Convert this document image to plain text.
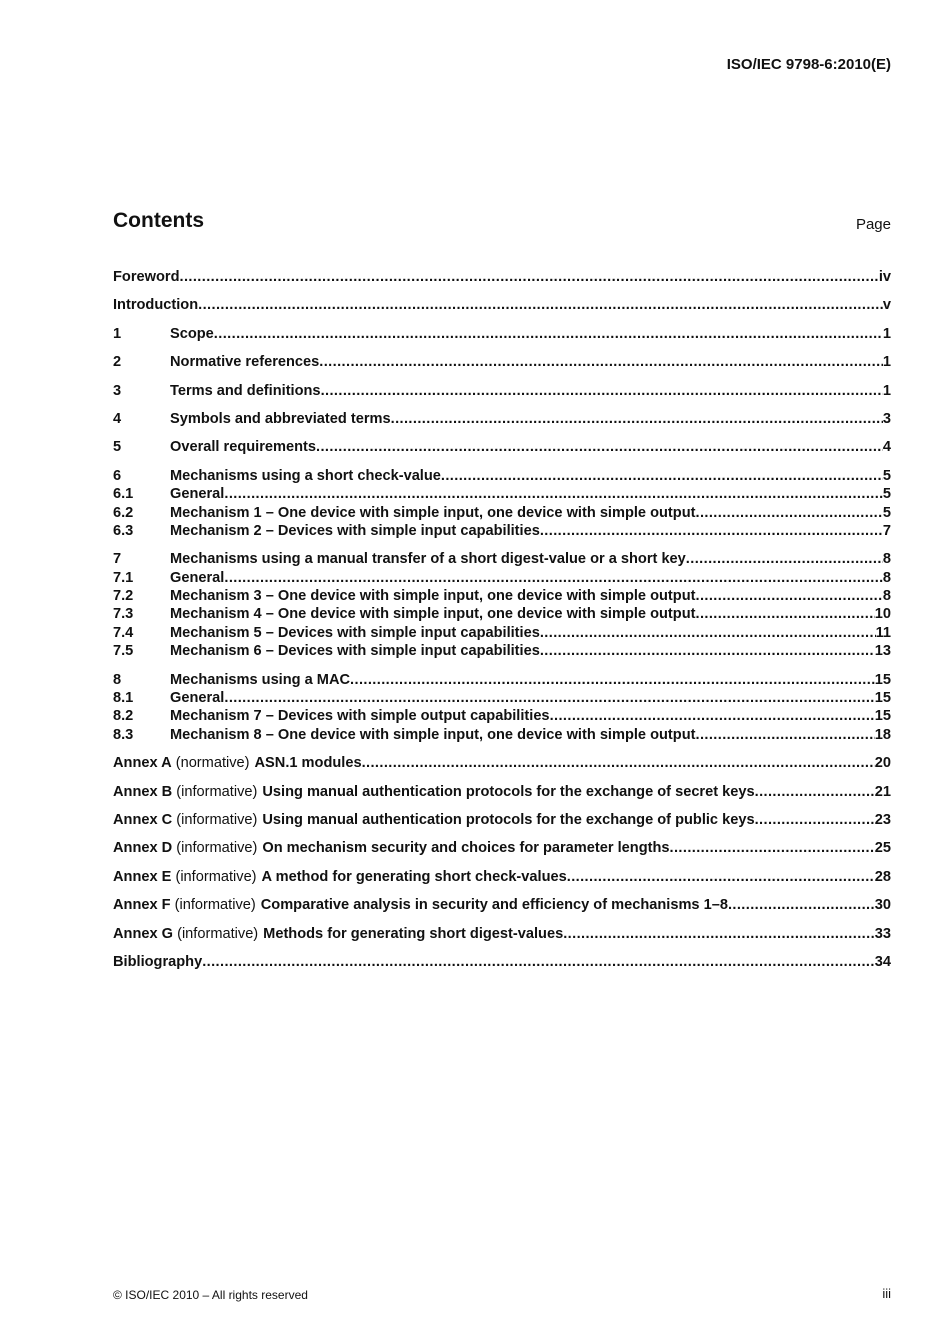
ISO/IEC 9798-6:2010(E)
Contents	Page
Foreword .....	iv
Introduction .....	v
1	Scope .....	1
2	Normative references .....	1
3	Terms and definitions .....	1
4	Symbols and abbreviated terms .....	3
5	Overall requirements .....	4
6	Mechanisms using a short check-value .....	5
6.1	General .....	5
6.2	Mechanism 1 – One device with simple input, one device with simple output .....	5
6.3	Mechanism 2 – Devices with simple input capabilities .....	7
7	Mechanisms using a manual transfer of a short digest-value or a short key .....	8
7.1	General .....	8
7.2	Mechanism 3 – One device with simple input, one device with simple output .....	8
7.3	Mechanism 4 – One device with simple input, one device with simple output .....	10
7.4	Mechanism 5 – Devices with simple input capabilities .....	11
7.5	Mechanism 6 – Devices with simple input capabilities .....	13
8	Mechanisms using a MAC .....	15
8.1	General .....	15
8.2	Mechanism 7 – Devices with simple output capabilities .....	15
8.3	Mechanism 8 – One device with simple input, one device with simple output .....	18
Annex A (normative) ASN.1 modules .....	20
Annex B (informative) Using manual authentication protocols for the exchange of secret keys .....	21
Annex C (informative) Using manual authentication protocols for the exchange of public keys .....	23
Annex D (informative) On mechanism security and choices for parameter lengths .....	25
Annex E (informative) A method for generating short check-values .....	28
Annex F (informative) Comparative analysis in security and efficiency of mechanisms 1–8 .....	30
Annex G (informative) Methods for generating short digest-values .....	33
Bibliography .....	34
© ISO/IEC 2010 – All rights reserved	iii
